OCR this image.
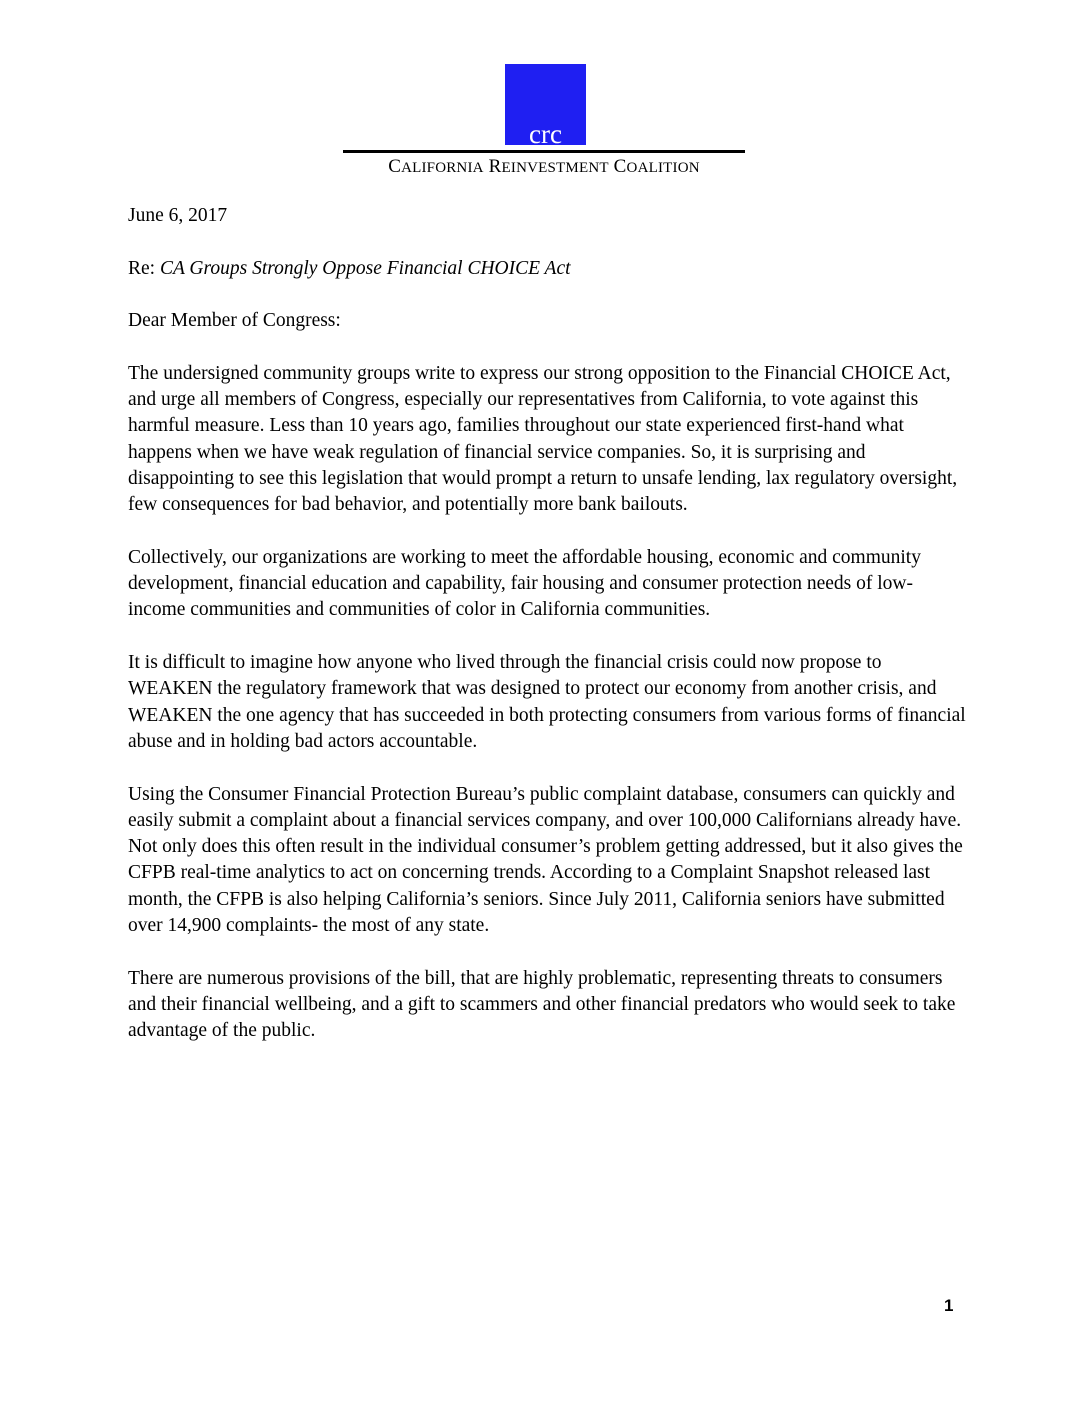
crc
CALIFORNIA REINVESTMENT COALITION

June 6, 2017

Re: CA Groups Strongly Oppose Financial CHOICE Act

Dear Member of Congress:

The undersigned community groups write to express our strong opposition to the Financial CHOICE Act, and urge all members of Congress, especially our representatives from California, to vote against this harmful measure. Less than 10 years ago, families throughout our state experienced first-hand what happens when we have weak regulation of financial service companies. So, it is surprising and disappointing to see this legislation that would prompt a return to unsafe lending, lax regulatory oversight, few consequences for bad behavior, and potentially more bank bailouts.

Collectively, our organizations are working to meet the affordable housing, economic and community development, financial education and capability, fair housing and consumer protection needs of low-income communities and communities of color in California communities.

It is difficult to imagine how anyone who lived through the financial crisis could now propose to WEAKEN the regulatory framework that was designed to protect our economy from another crisis, and WEAKEN the one agency that has succeeded in both protecting consumers from various forms of financial abuse and in holding bad actors accountable.

Using the Consumer Financial Protection Bureau’s public complaint database, consumers can quickly and easily submit a complaint about a financial services company, and over 100,000 Californians already have. Not only does this often result in the individual consumer’s problem getting addressed, but it also gives the CFPB real-time analytics to act on concerning trends. According to a Complaint Snapshot released last month, the CFPB is also helping California’s seniors. Since July 2011, California seniors have submitted over 14,900 complaints- the most of any state.

There are numerous provisions of the bill, that are highly problematic, representing threats to consumers and their financial wellbeing, and a gift to scammers and other financial predators who would seek to take advantage of the public.

1
